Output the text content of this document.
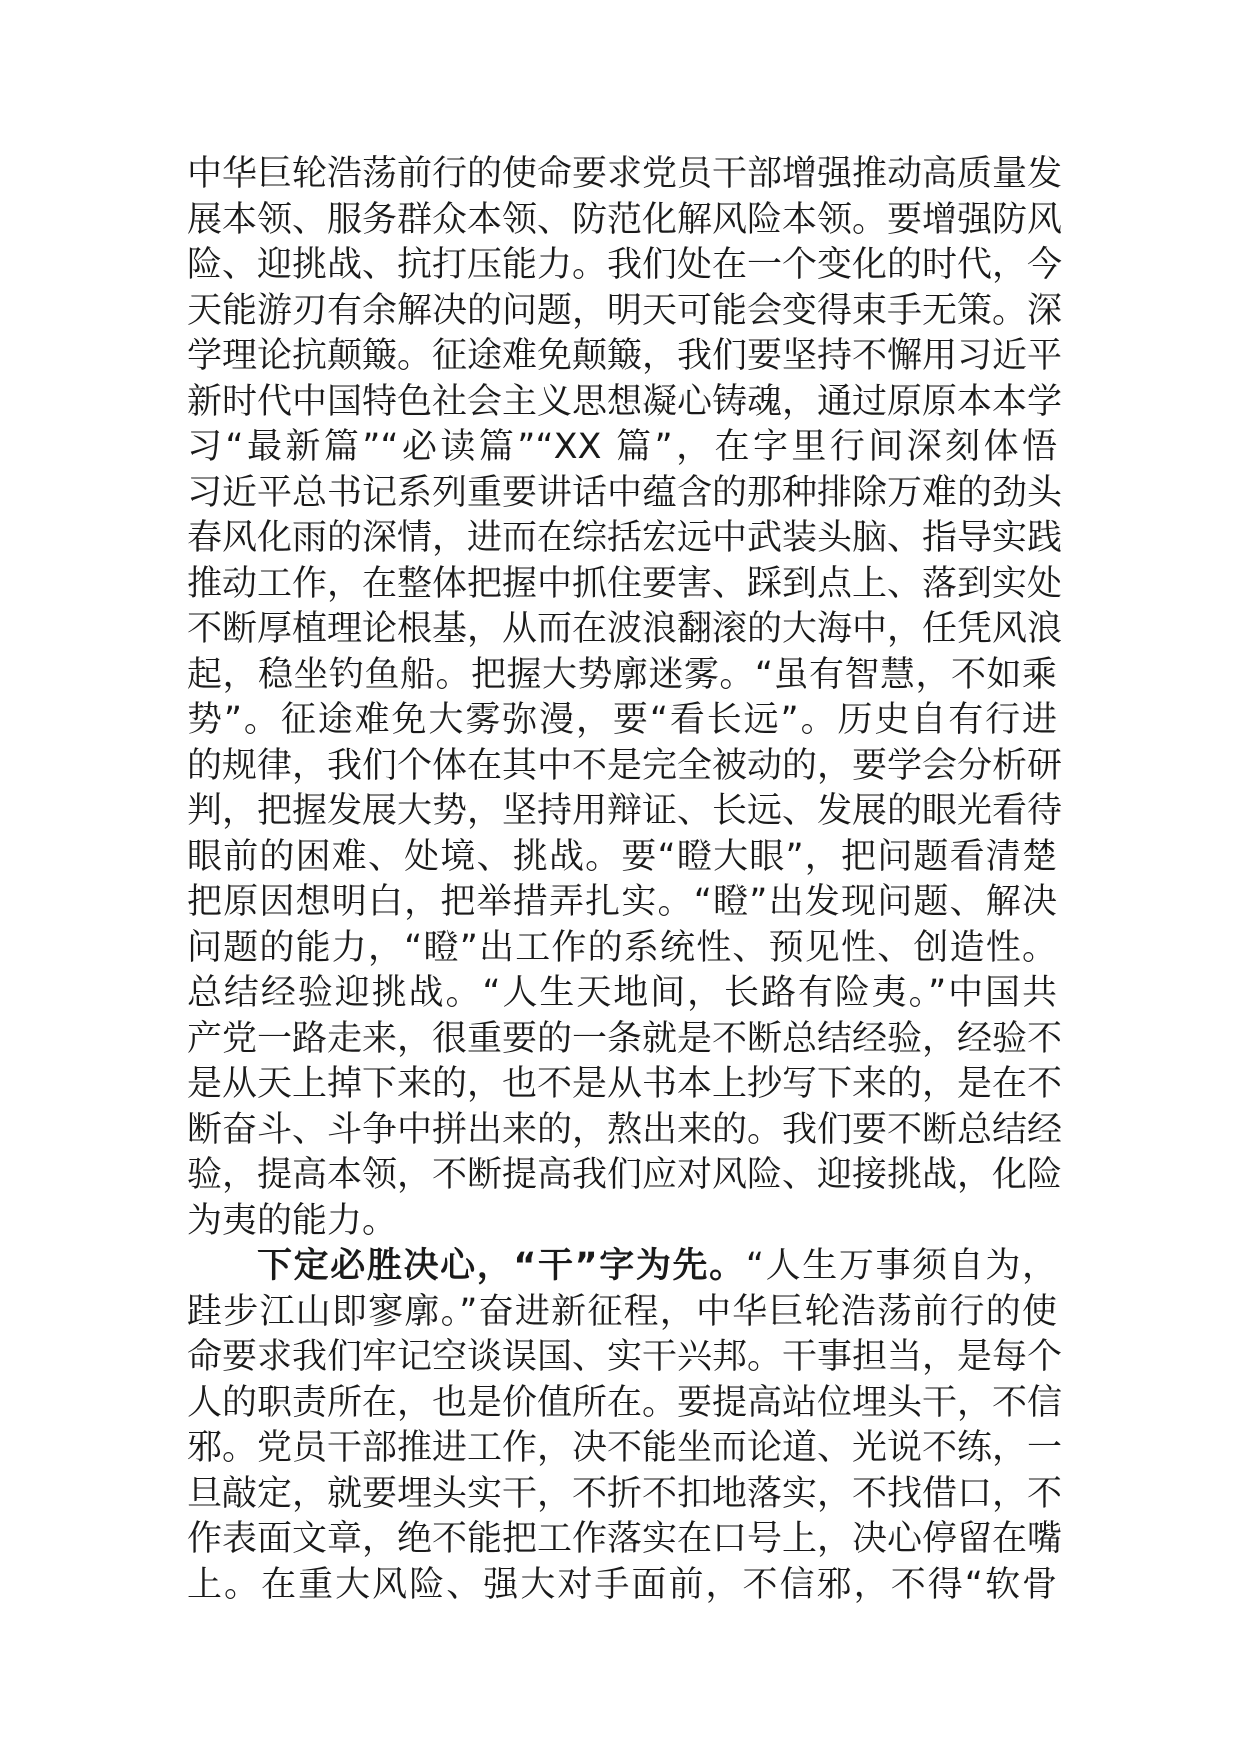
中华巨轮浩荡前行的使命要求党员干部增强推动高质量发
展本领、服务群众本领、防范化解风险本领。要增强防风
险、迎挑战、抗打压能力。我们处在一个变化的时代，今
天能游刃有余解决的问题，明天可能会变得束手无策。深
学理论抗颠簸。征途难免颠簸，我们要坚持不懈用习近平
新时代中国特色社会主义思想凝心铸魂，通过原原本本学
习“最新篇”“必读篇”“XX 篇”，在字里行间深刻体悟
习近平总书记系列重要讲话中蕴含的那种排除万难的劲头
春风化雨的深情，进而在综括宏远中武装头脑、指导实践
推动工作，在整体把握中抓住要害、踩到点上、落到实处
不断厚植理论根基，从而在波浪翻滚的大海中，任凭风浪
起，稳坐钓鱼船。把握大势廓迷雾。“虽有智慧，不如乘
势”。征途难免大雾弥漫，要“看长远”。历史自有行进
的规律，我们个体在其中不是完全被动的，要学会分析研
判，把握发展大势，坚持用辩证、长远、发展的眼光看待
眼前的困难、处境、挑战。要“瞪大眼”，把问题看清楚
把原因想明白，把举措弄扎实。“瞪”出发现问题、解决
问题的能力，“瞪”出工作的系统性、预见性、创造性。
总结经验迎挑战。“人生天地间，长路有险夷。”中国共
产党一路走来，很重要的一条就是不断总结经验，经验不
是从天上掉下来的，也不是从书本上抄写下来的，是在不
断奋斗、斗争中拼出来的，熬出来的。我们要不断总结经
验，提高本领，不断提高我们应对风险、迎接挑战，化险
为夷的能力。
下定必胜决心，“干”字为先。“人生万事须自为，
跬步江山即寥廓。”奋进新征程，中华巨轮浩荡前行的使
命要求我们牢记空谈误国、实干兴邦。干事担当，是每个
人的职责所在，也是价值所在。要提高站位埋头干，不信
邪。党员干部推进工作，决不能坐而论道、光说不练，一
旦敲定，就要埋头实干，不折不扣地落实，不找借口，不
作表面文章，绝不能把工作落实在口号上，决心停留在嘴
上。在重大风险、强大对手面前，不信邪，不得“软骨
